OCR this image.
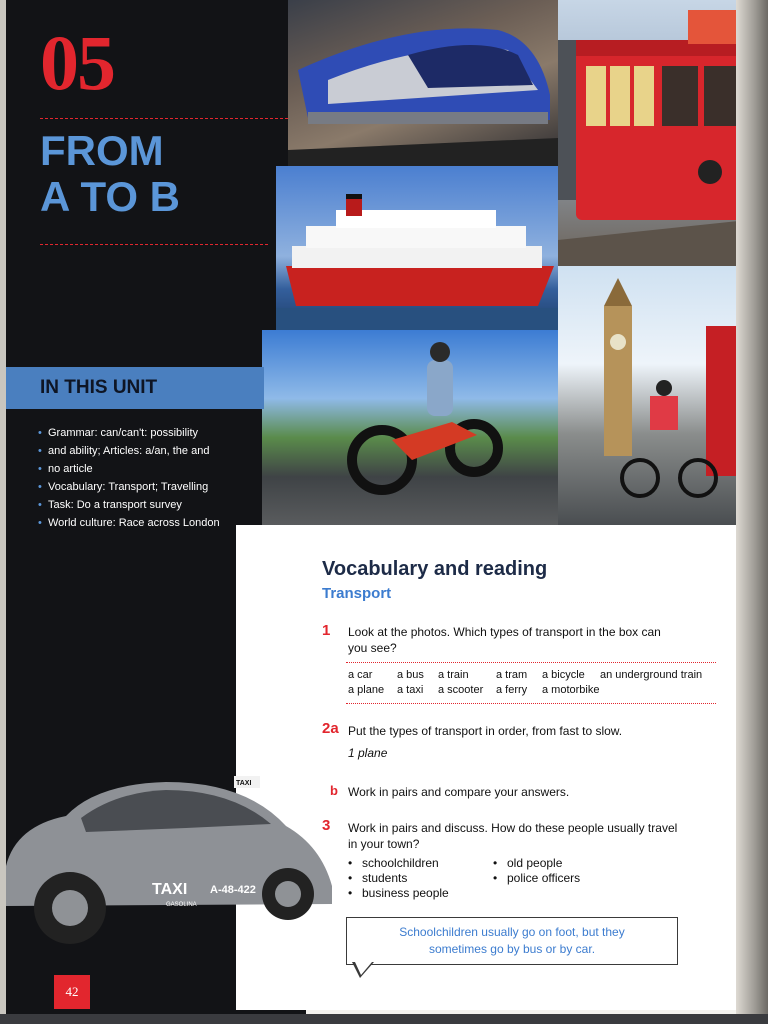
05
FROM
A TO B
IN THIS UNIT
• Grammar: can/can't: possibility
• and ability; Articles: a/an, the and
• no article
• Vocabulary: Transport; Travelling
• Task: Do a transport survey
• World culture: Race across London
TAXI A-48-422
GASOLINA
TAXI
Vocabulary and reading
Transport
1 Look at the photos. Which types of transport in the box can
you see?
a car a bus a train a tram a bicycle an underground train
a plane a taxi a scooter a ferry a motorbike
2a Put the types of transport in order, from fast to slow.
1 plane
b Work in pairs and compare your answers.
3 Work in pairs and discuss. How do these people usually travel
in your town?
• schoolchildren
• students
• business people
• old people
• police officers
Schoolchildren usually go on foot, but they
sometimes go by bus or by car.
42
